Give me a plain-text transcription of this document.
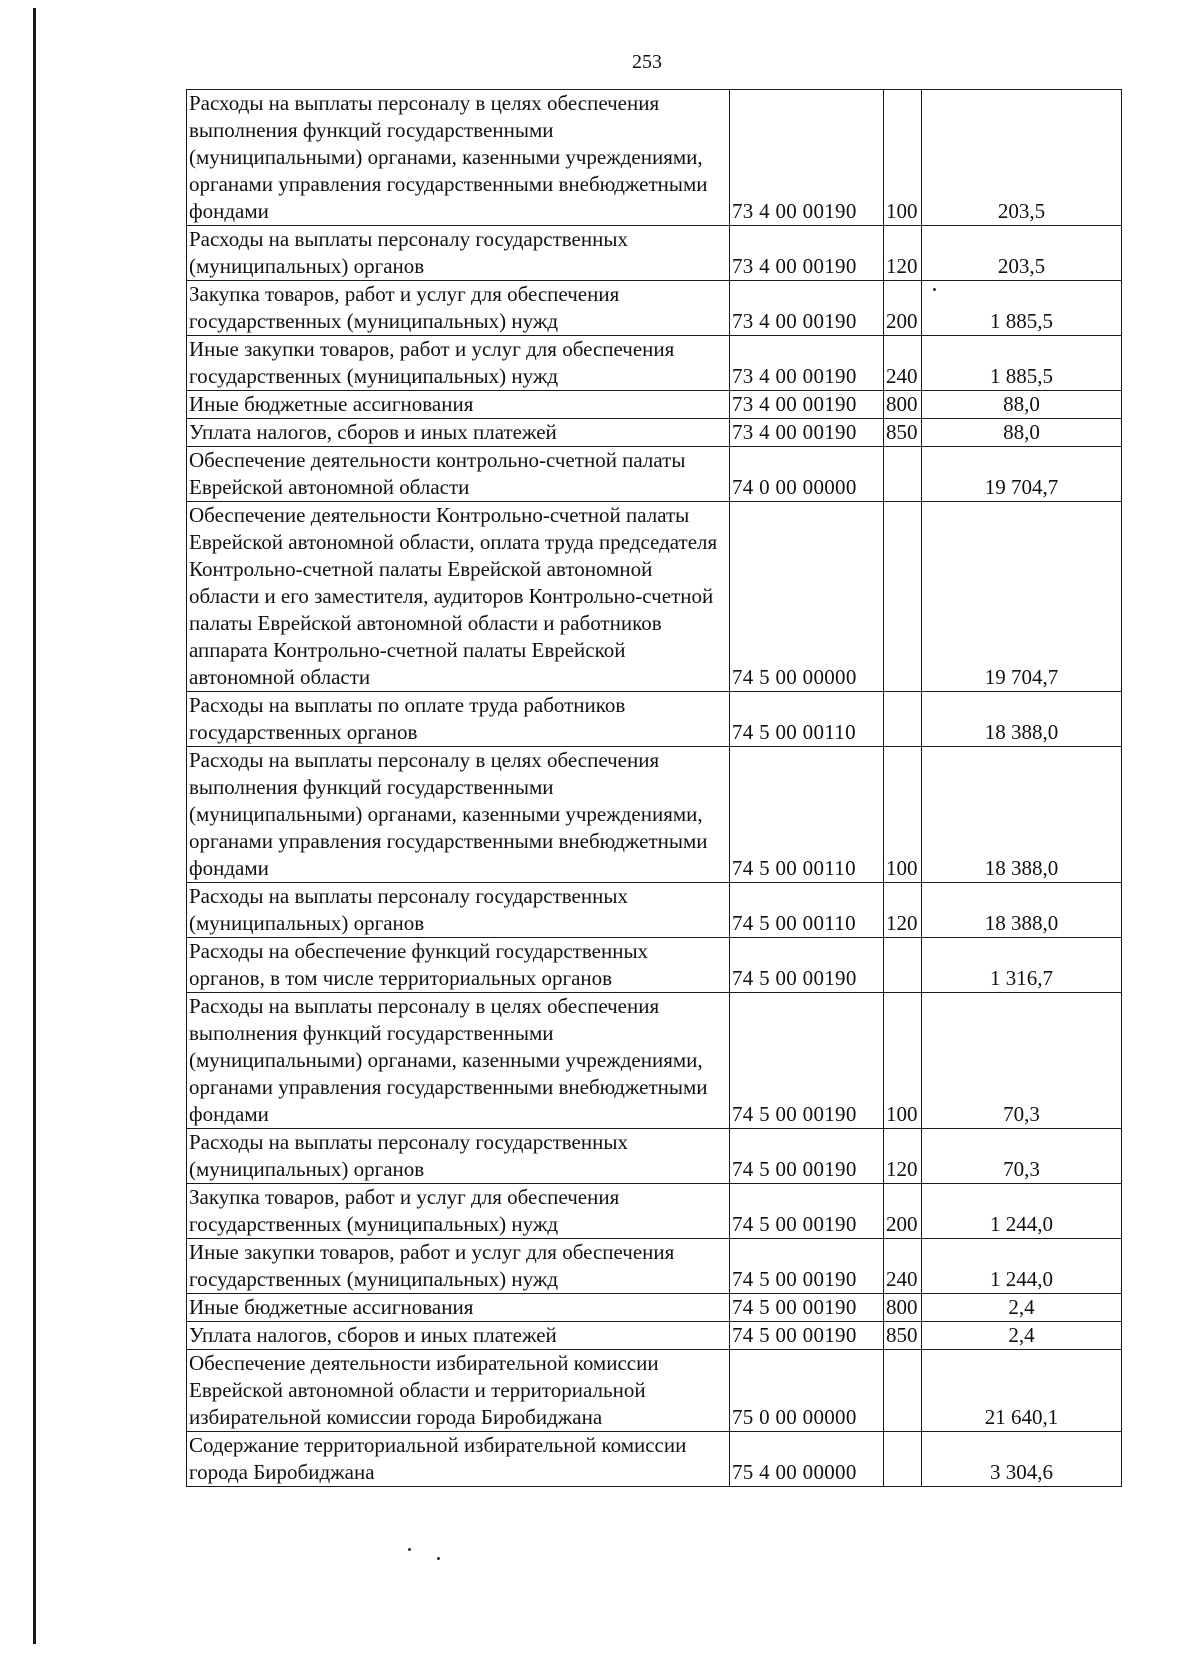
253
Расходы на выплаты персоналу в целях обеспечения выполнения функций государственными (муниципальными) органами, казенными учреждениями, органами управления государственными внебюджетными фондами	73 4 00 00190	100	203,5
Расходы на выплаты персоналу государственных (муниципальных) органов	73 4 00 00190	120	203,5
Закупка товаров, работ и услуг для обеспечения государственных (муниципальных) нужд	73 4 00 00190	200	1 885,5
Иные закупки товаров, работ и услуг для обеспечения государственных (муниципальных) нужд	73 4 00 00190	240	1 885,5
Иные бюджетные ассигнования	73 4 00 00190	800	88,0
Уплата налогов, сборов и иных платежей	73 4 00 00190	850	88,0
Обеспечение деятельности контрольно-счетной палаты Еврейской автономной области	74 0 00 00000		19 704,7
Обеспечение деятельности Контрольно-счетной палаты Еврейской автономной области, оплата труда председателя Контрольно-счетной палаты Еврейской автономной области и его заместителя, аудиторов Контрольно-счетной палаты Еврейской автономной области и работников аппарата Контрольно-счетной палаты Еврейской автономной области	74 5 00 00000		19 704,7
Расходы на выплаты по оплате труда работников государственных органов	74 5 00 00110		18 388,0
Расходы на выплаты персоналу в целях обеспечения выполнения функций государственными (муниципальными) органами, казенными учреждениями, органами управления государственными внебюджетными фондами	74 5 00 00110	100	18 388,0
Расходы на выплаты персоналу государственных (муниципальных) органов	74 5 00 00110	120	18 388,0
Расходы на обеспечение функций государственных органов, в том числе территориальных органов	74 5 00 00190		1 316,7
Расходы на выплаты персоналу в целях обеспечения выполнения функций государственными (муниципальными) органами, казенными учреждениями, органами управления государственными внебюджетными фондами	74 5 00 00190	100	70,3
Расходы на выплаты персоналу государственных (муниципальных) органов	74 5 00 00190	120	70,3
Закупка товаров, работ и услуг для обеспечения государственных (муниципальных) нужд	74 5 00 00190	200	1 244,0
Иные закупки товаров, работ и услуг для обеспечения государственных (муниципальных) нужд	74 5 00 00190	240	1 244,0
Иные бюджетные ассигнования	74 5 00 00190	800	2,4
Уплата налогов, сборов и иных платежей	74 5 00 00190	850	2,4
Обеспечение деятельности избирательной комиссии Еврейской автономной области и территориальной избирательной комиссии города Биробиджана	75 0 00 00000		21 640,1
Содержание территориальной избирательной комиссии города Биробиджана	75 4 00 00000		3 304,6
